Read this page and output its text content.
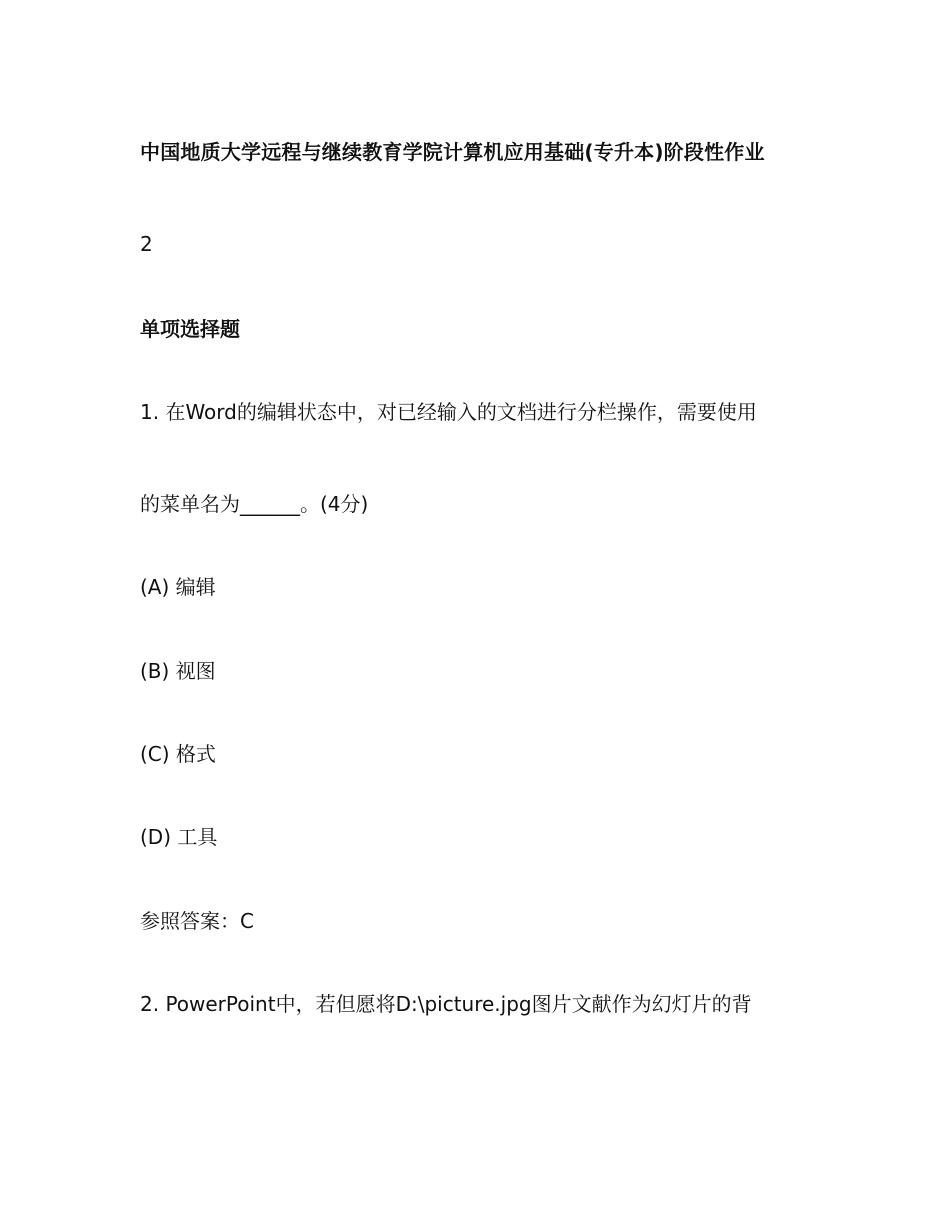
中国地质大学远程与继续教育学院计算机应用基础(专升本)阶段性作业
2
单项选择题
1. 在Word的编辑状态中，对已经输入的文档进行分栏操作，需要使用
的菜单名为______。(4分)
(A) 编辑
(B) 视图
(C) 格式
(D) 工具
参照答案：C
2. PowerPoint中，若但愿将D:\picture.jpg图片文献作为幻灯片的背
